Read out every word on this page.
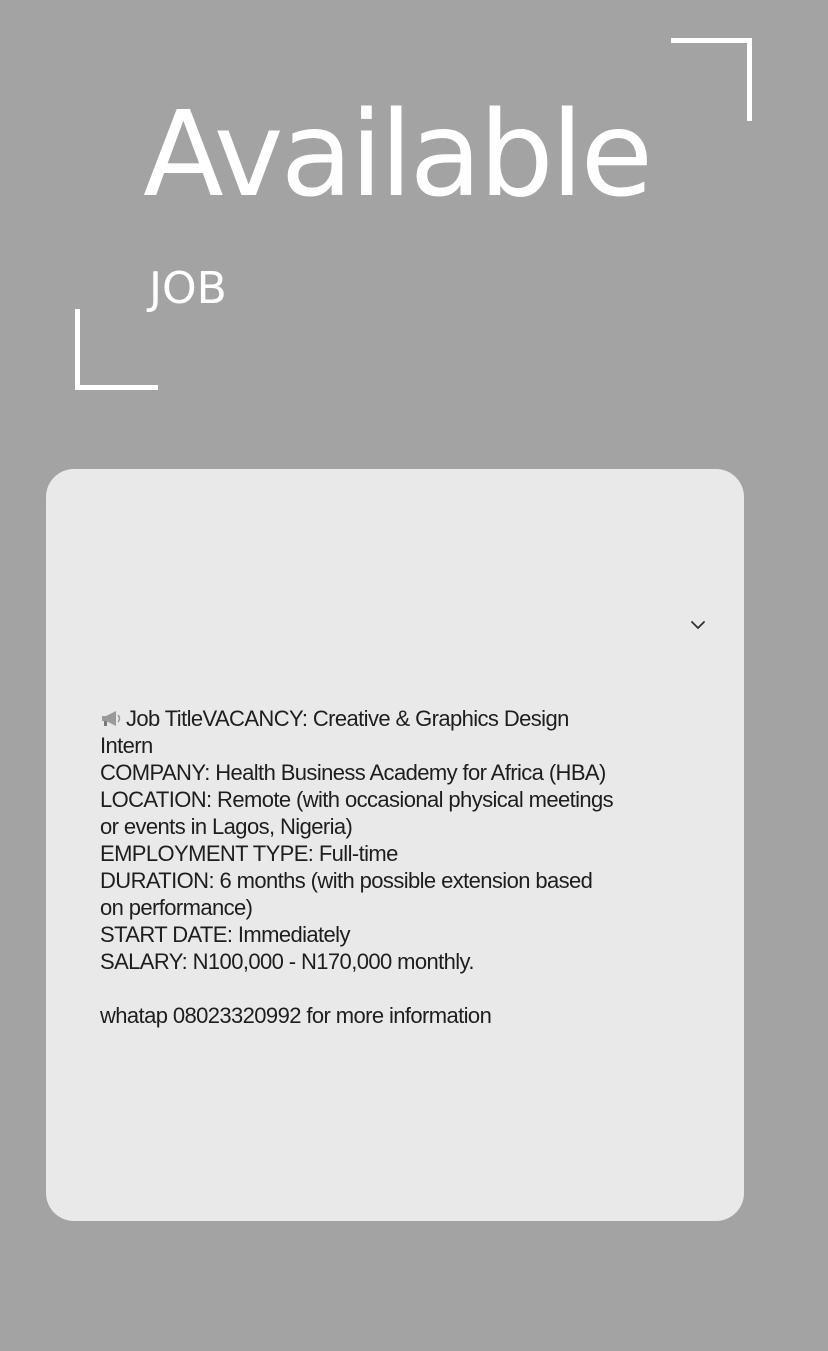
Available
JOB

Job TitleVACANCY: Creative & Graphics Design

Intern

COMPANY: Health Business Academy for Africa (HBA)

LOCATION: Remote (with occasional physical meetings

or events in Lagos, Nigeria)

EMPLOYMENT TYPE: Full-time

DURATION: 6 months (with possible extension based

on performance)

START DATE: Immediately

SALARY: N100,000 - N170,000 monthly.

whatap 08023320992 for more information
